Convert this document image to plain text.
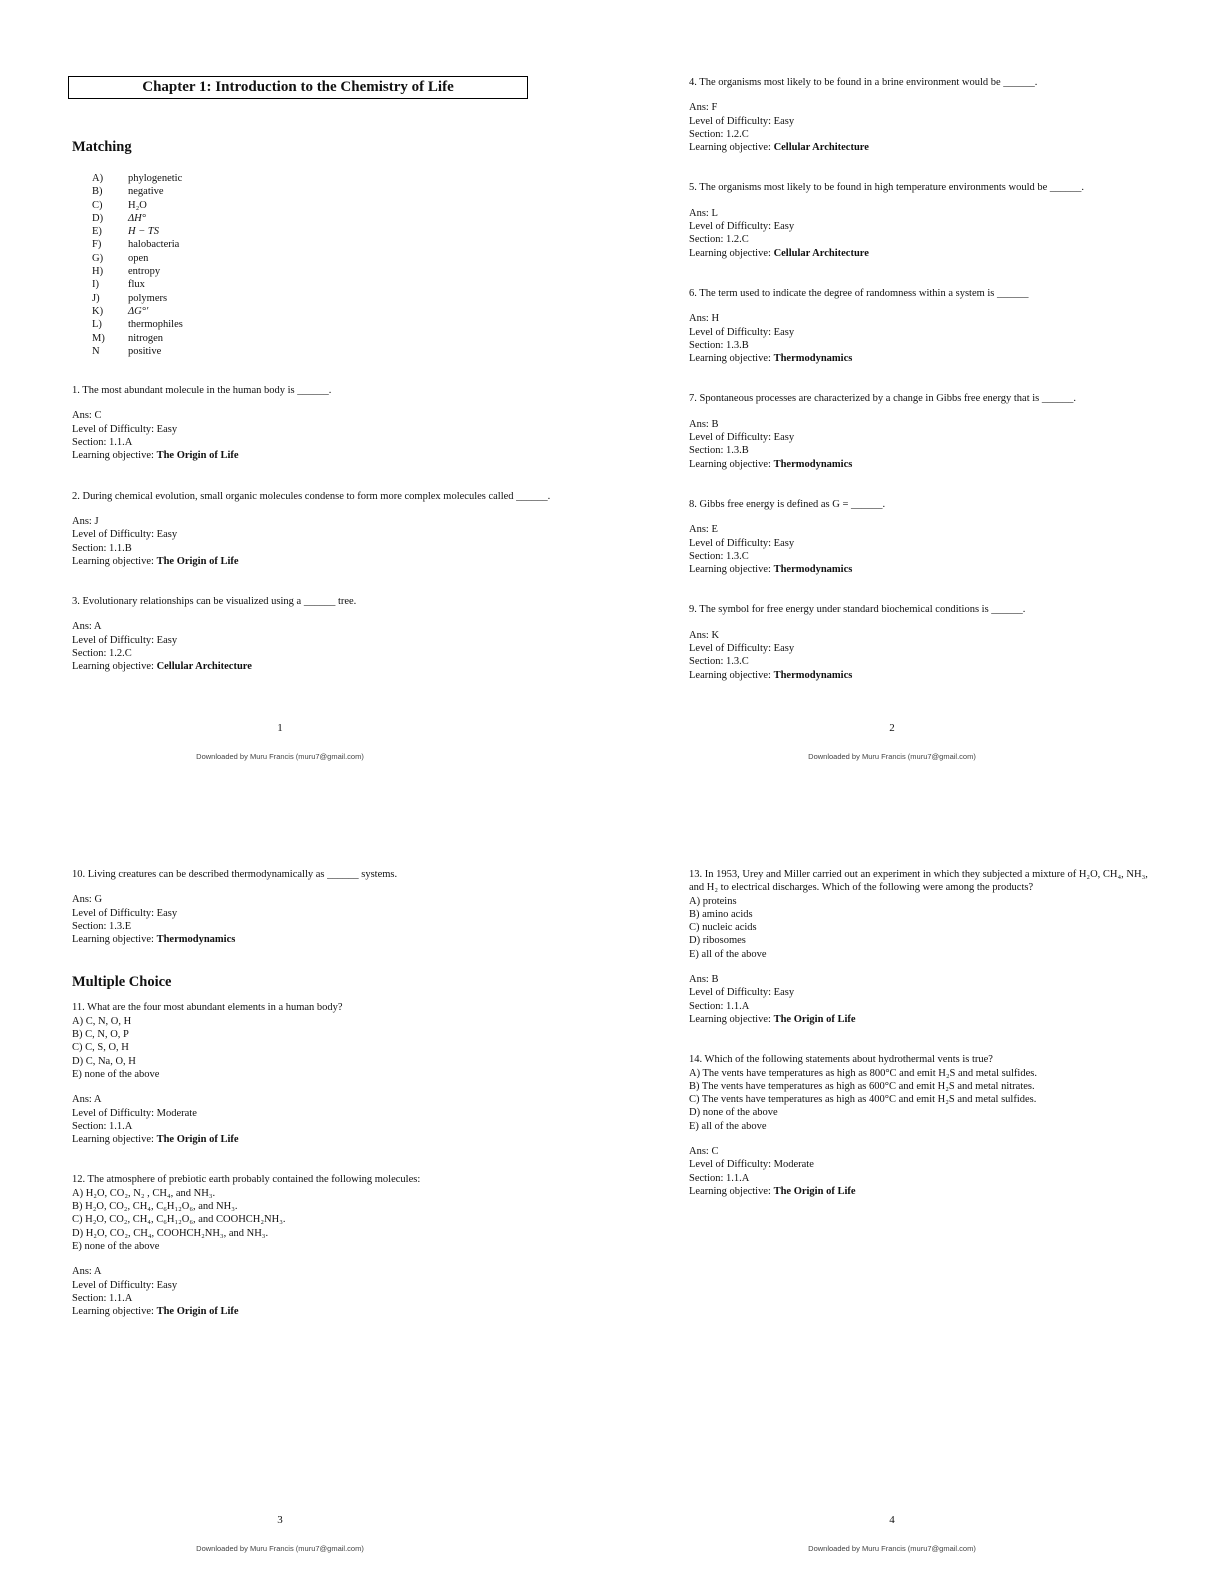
Chapter 1: Introduction to the Chemistry of Life
Matching
A)	phylogenetic
B)	negative
C)	H₂O
D)	ΔH°
E)	H − TS
F)	halobacteria
G)	open
H)	entropy
I)	flux
J)	polymers
K)	ΔG°′
L)	thermophiles
M)	nitrogen
N	positive
1. The most abundant molecule in the human body is ______.
Ans: C
Level of Difficulty: Easy
Section: 1.1.A
Learning objective: The Origin of Life
2. During chemical evolution, small organic molecules condense to form more complex molecules called ______.
Ans: J
Level of Difficulty: Easy
Section: 1.1.B
Learning objective: The Origin of Life
3. Evolutionary relationships can be visualized using a ______ tree.
Ans: A
Level of Difficulty: Easy
Section: 1.2.C
Learning objective: Cellular Architecture
1
Downloaded by Muru Francis (muru7@gmail.com)
4. The organisms most likely to be found in a brine environment would be ______.
Ans: F
Level of Difficulty: Easy
Section: 1.2.C
Learning objective: Cellular Architecture
5. The organisms most likely to be found in high temperature environments would be ______.
Ans: L
Level of Difficulty: Easy
Section: 1.2.C
Learning objective: Cellular Architecture
6. The term used to indicate the degree of randomness within a system is ______
Ans: H
Level of Difficulty: Easy
Section: 1.3.B
Learning objective: Thermodynamics
7. Spontaneous processes are characterized by a change in Gibbs free energy that is ______.
Ans: B
Level of Difficulty: Easy
Section: 1.3.B
Learning objective: Thermodynamics
8. Gibbs free energy is defined as G = ______.
Ans: E
Level of Difficulty: Easy
Section: 1.3.C
Learning objective: Thermodynamics
9. The symbol for free energy under standard biochemical conditions is ______.
Ans: K
Level of Difficulty: Easy
Section: 1.3.C
Learning objective: Thermodynamics
2
Downloaded by Muru Francis (muru7@gmail.com)
10. Living creatures can be described thermodynamically as ______ systems.
Ans: G
Level of Difficulty: Easy
Section: 1.3.E
Learning objective: Thermodynamics
Multiple Choice
11. What are the four most abundant elements in a human body?
A) C, N, O, H
B) C, N, O, P
C) C, S, O, H
D) C, Na, O, H
E) none of the above
Ans: A
Level of Difficulty: Moderate
Section: 1.1.A
Learning objective: The Origin of Life
12. The atmosphere of prebiotic earth probably contained the following molecules:
A) H₂O, CO₂, N₂ , CH₄, and NH₃.
B) H₂O, CO₂, CH₄, C₆H₁₂O₆, and NH₃.
C) H₂O, CO₂, CH₄, C₆H₁₂O₆, and COOHCH₂NH₃.
D) H₂O, CO₂, CH₄, COOHCH₂NH₃, and NH₃.
E) none of the above
Ans: A
Level of Difficulty: Easy
Section: 1.1.A
Learning objective: The Origin of Life
3
Downloaded by Muru Francis (muru7@gmail.com)
13. In 1953, Urey and Miller carried out an experiment in which they subjected a mixture of H₂O, CH₄, NH₃, and H₂ to electrical discharges. Which of the following were among the products?
A) proteins
B) amino acids
C) nucleic acids
D) ribosomes
E) all of the above
Ans: B
Level of Difficulty: Easy
Section: 1.1.A
Learning objective: The Origin of Life
14. Which of the following statements about hydrothermal vents is true?
A) The vents have temperatures as high as 800°C and emit H₂S and metal sulfides.
B) The vents have temperatures as high as 600°C and emit H₂S and metal nitrates.
C) The vents have temperatures as high as 400°C and emit H₂S and metal sulfides.
D) none of the above
E) all of the above
Ans: C
Level of Difficulty: Moderate
Section: 1.1.A
Learning objective: The Origin of Life
4
Downloaded by Muru Francis (muru7@gmail.com)
